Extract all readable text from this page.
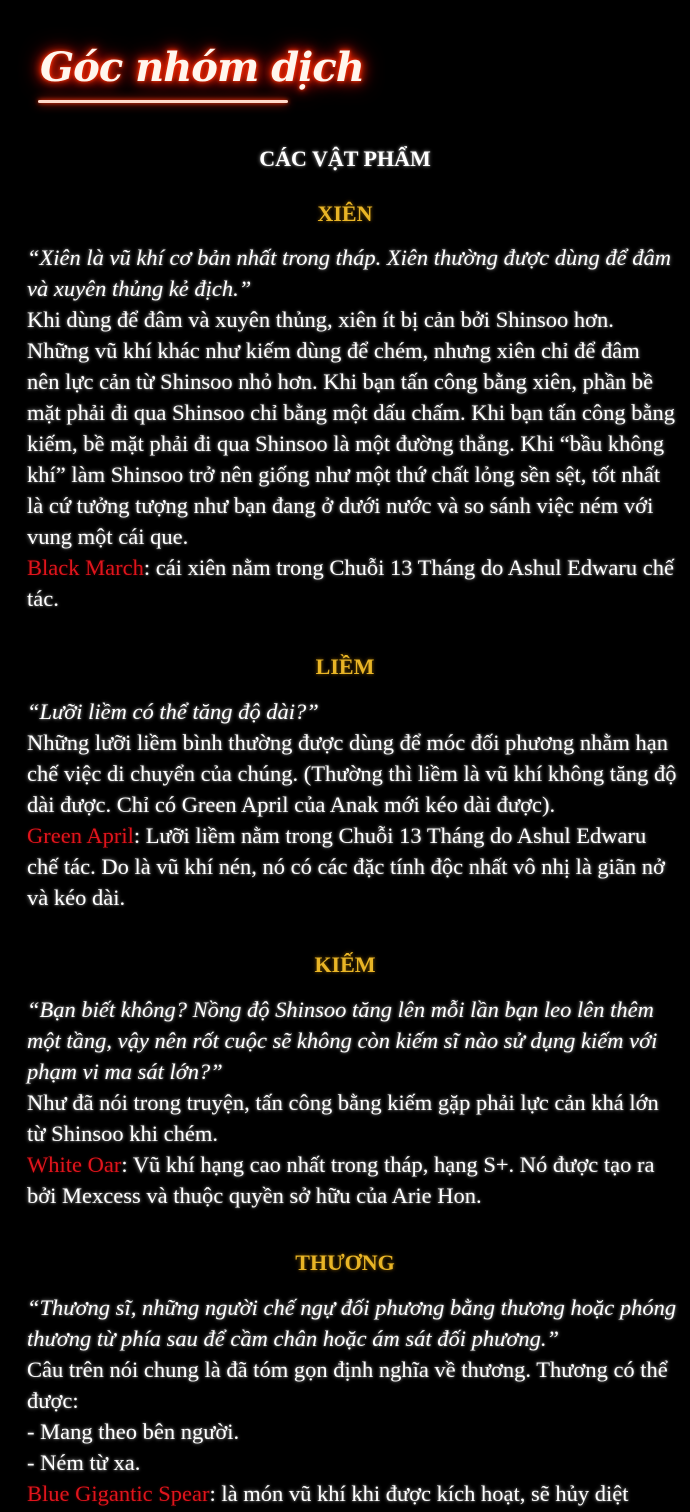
Góc nhóm dịch
CÁC VẬT PHẨM
XIÊN

“Xiên là vũ khí cơ bản nhất trong tháp. Xiên thường được dùng để đâm và xuyên thủng kẻ địch.”

Khi dùng để đâm và xuyên thủng, xiên ít bị cản bởi Shinsoo hơn. Những vũ khí khác như kiếm dùng để chém, nhưng xiên chỉ để đâm nên lực cản từ Shinsoo nhỏ hơn. Khi bạn tấn công bằng xiên, phần bề mặt phải đi qua Shinsoo chỉ bằng một dấu chấm. Khi bạn tấn công bằng kiếm, bề mặt phải đi qua Shinsoo là một đường thẳng. Khi “bầu không khí” làm Shinsoo trở nên giống như một thứ chất lỏng sền sệt, tốt nhất là cứ tưởng tượng như bạn đang ở dưới nước và so sánh việc ném với vung một cái que.

Black March: cái xiên nằm trong Chuỗi 13 Tháng do Ashul Edwaru chế tác.

LIỀM

“Lưỡi liềm có thể tăng độ dài?”

Những lưỡi liềm bình thường được dùng để móc đối phương nhằm hạn chế việc di chuyển của chúng. (Thường thì liềm là vũ khí không tăng độ dài được. Chỉ có Green April của Anak mới kéo dài được).

Green April: Lưỡi liềm nằm trong Chuỗi 13 Tháng do Ashul Edwaru chế tác. Do là vũ khí nén, nó có các đặc tính độc nhất vô nhị là giãn nở và kéo dài.

KIẾM

“Bạn biết không? Nồng độ Shinsoo tăng lên mỗi lần bạn leo lên thêm một tầng, vậy nên rốt cuộc sẽ không còn kiếm sĩ nào sử dụng kiếm với phạm vi ma sát lớn?”

Như đã nói trong truyện, tấn công bằng kiếm gặp phải lực cản khá lớn từ Shinsoo khi chém.

White Oar: Vũ khí hạng cao nhất trong tháp, hạng S+. Nó được tạo ra bởi Mexcess và thuộc quyền sở hữu của Arie Hon.

THƯƠNG

“Thương sĩ, những người chế ngự đối phương bằng thương hoặc phóng thương từ phía sau để cầm chân hoặc ám sát đối phương.”

Câu trên nói chung là đã tóm gọn định nghĩa về thương. Thương có thể được:

- Mang theo bên người.

- Ném từ xa.

Blue Gigantic Spear: là món vũ khí khi được kích hoạt, sẽ hủy diệt
